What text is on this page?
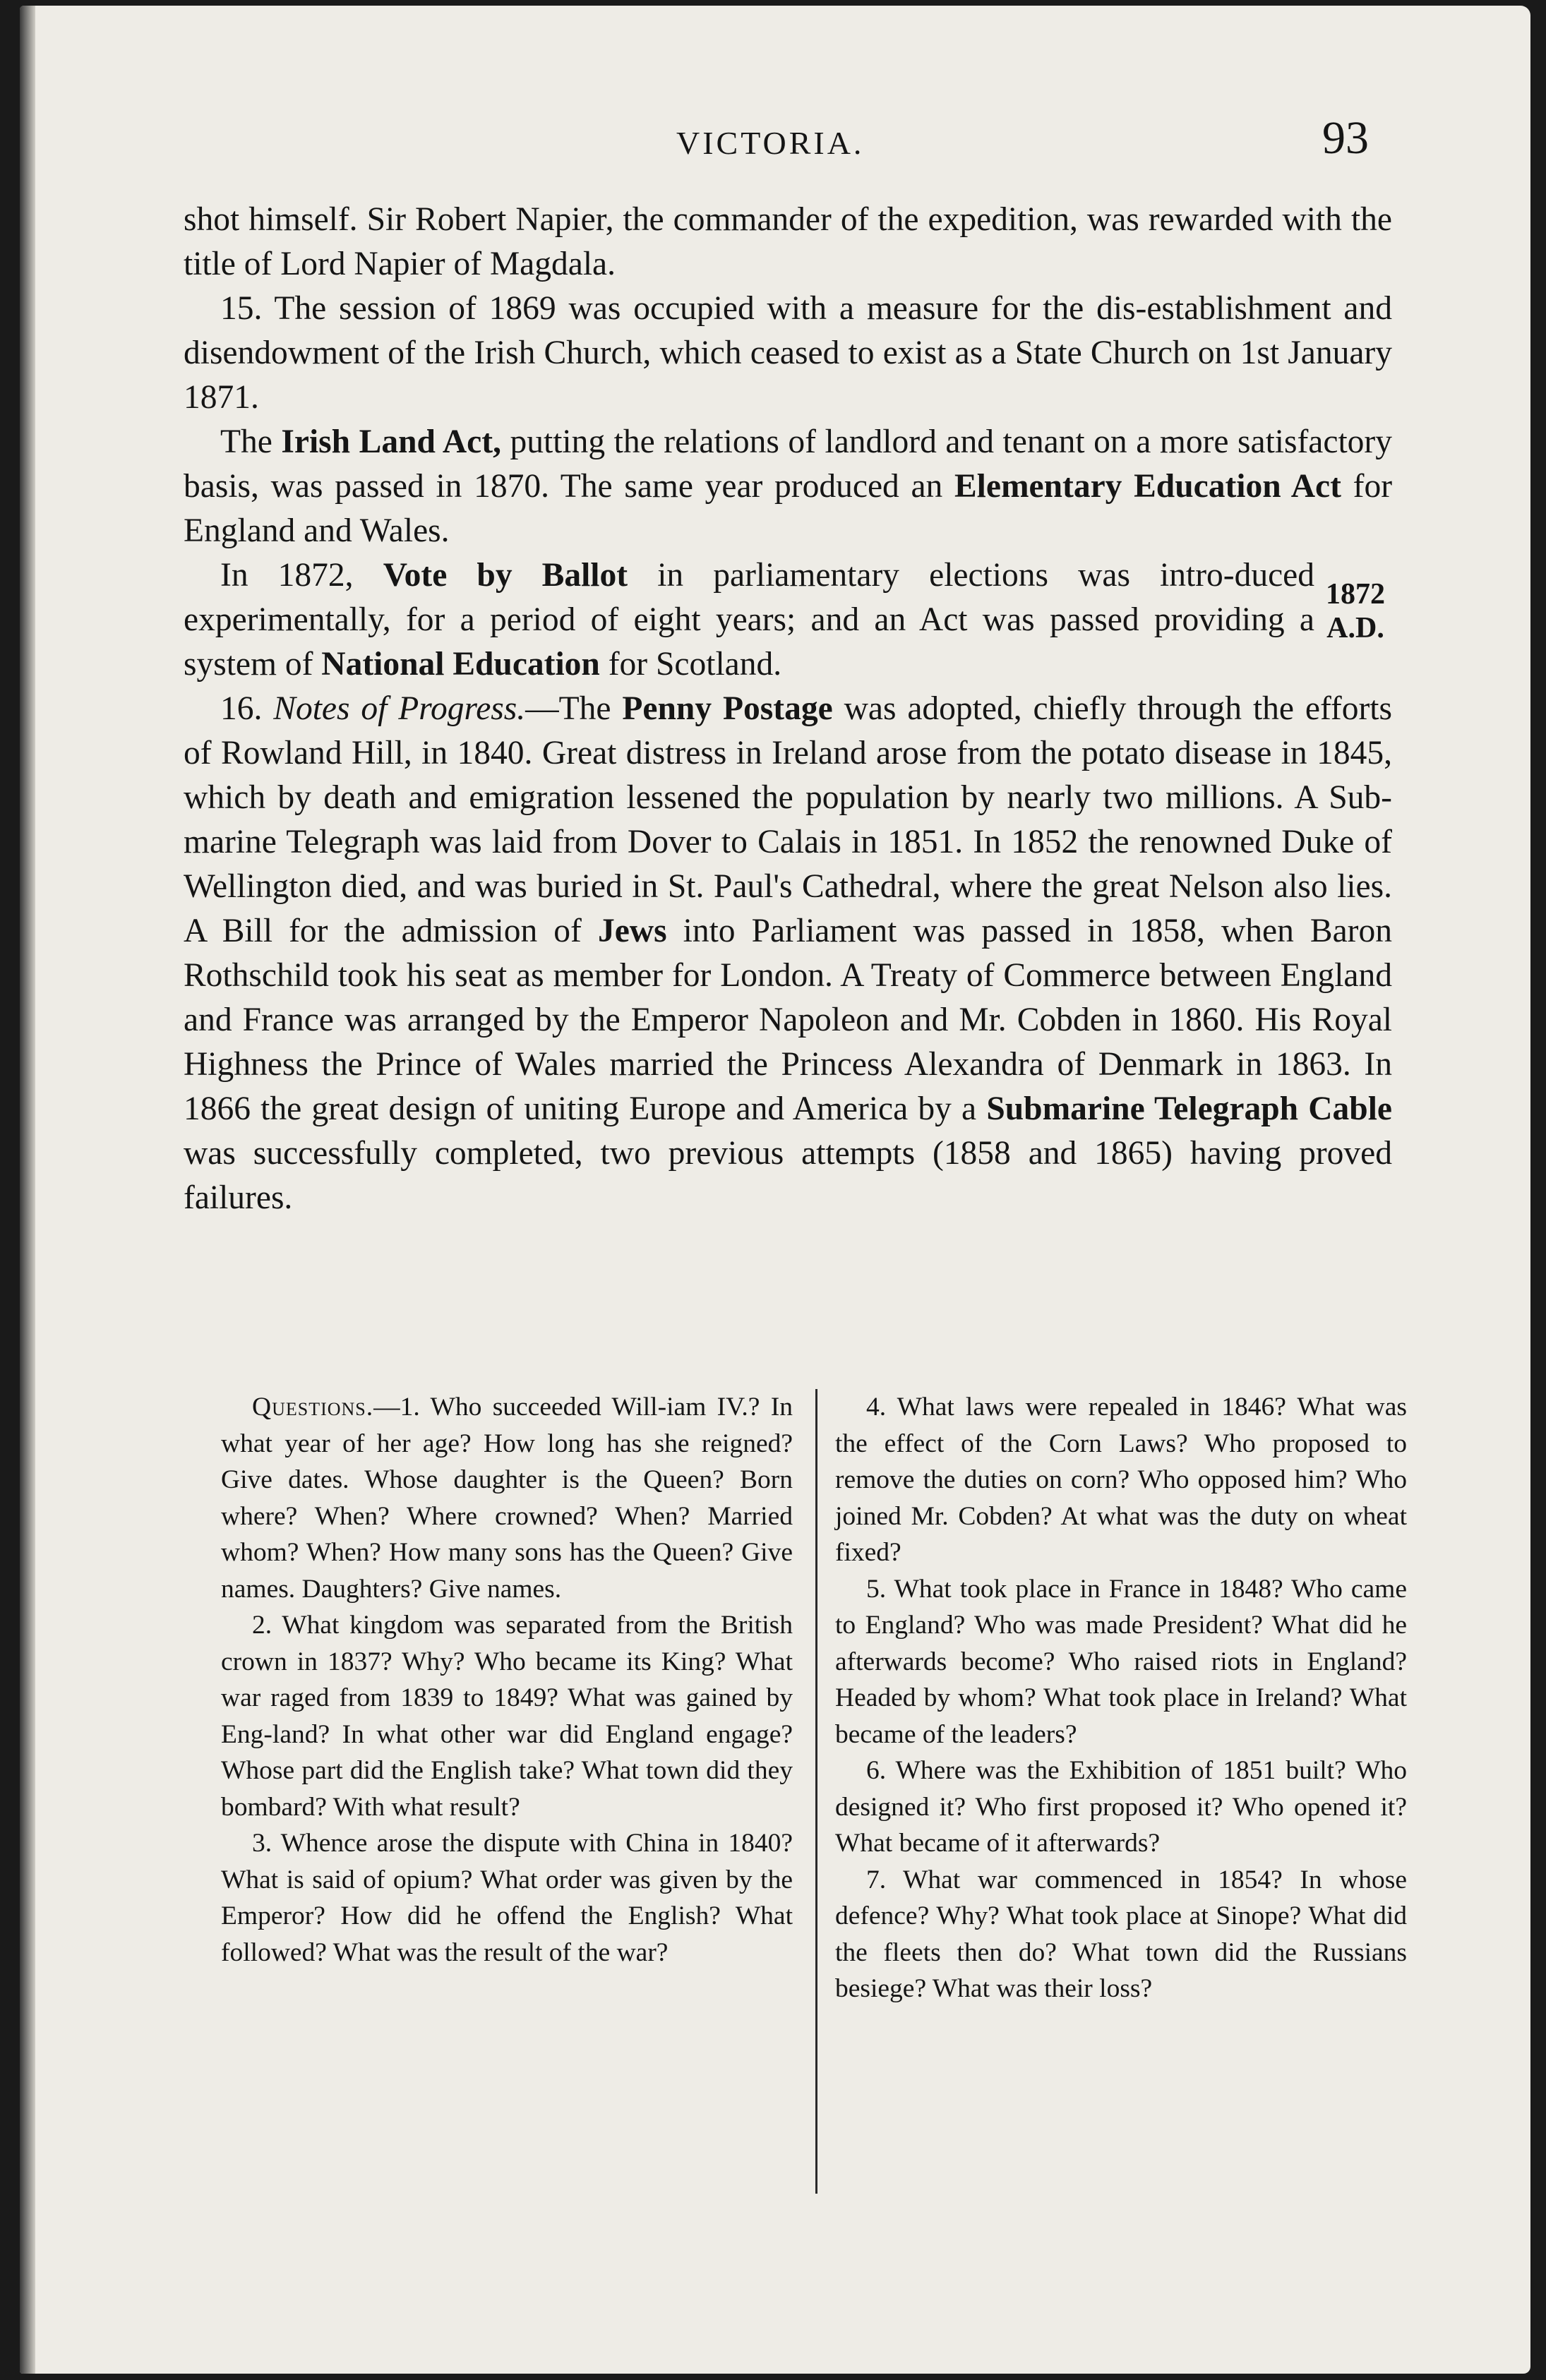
VICTORIA.	93

shot himself. Sir Robert Napier, the commander of the expedition, was rewarded with the title of Lord Napier of Magdala.

15. The session of 1869 was occupied with a measure for the dis-establishment and disendowment of the Irish Church, which ceased to exist as a State Church on 1st January 1871.

The Irish Land Act, putting the relations of landlord and tenant on a more satisfactory basis, was passed in 1870. The same year produced an Elementary Education Act for England and Wales.

In 1872, Vote by Ballot in parliamentary elections was intro-duced experimentally, for a period of eight years; and an Act was passed providing a system of National Education for Scotland.

16. Notes of Progress.—The Penny Postage was adopted, chiefly through the efforts of Rowland Hill, in 1840. Great distress in Ireland arose from the potato disease in 1845, which by death and emigration lessened the population by nearly two millions. A Sub-marine Telegraph was laid from Dover to Calais in 1851. In 1852 the renowned Duke of Wellington died, and was buried in St. Paul's Cathedral, where the great Nelson also lies. A Bill for the admission of Jews into Parliament was passed in 1858, when Baron Rothschild took his seat as member for London. A Treaty of Commerce between England and France was arranged by the Emperor Napoleon and Mr. Cobden in 1860. His Royal Highness the Prince of Wales married the Princess Alexandra of Denmark in 1863. In 1866 the great design of uniting Europe and America by a Submarine Telegraph Cable was successfully completed, two previous attempts (1858 and 1865) having proved failures.

1872
A.D.

Questions.—1. Who succeeded Will-iam IV.? In what year of her age? How long has she reigned? Give dates. Whose daughter is the Queen? Born where? When? Where crowned? When? Married whom? When? How many sons has the Queen? Give names. Daughters? Give names.

2. What kingdom was separated from the British crown in 1837? Why? Who became its King? What war raged from 1839 to 1849? What was gained by Eng-land? In what other war did England engage? Whose part did the English take? What town did they bombard? With what result?

3. Whence arose the dispute with China in 1840? What is said of opium? What order was given by the Emperor? How did he offend the English? What followed? What was the result of the war?

4. What laws were repealed in 1846? What was the effect of the Corn Laws? Who proposed to remove the duties on corn? Who opposed him? Who joined Mr. Cobden? At what was the duty on wheat fixed?

5. What took place in France in 1848? Who came to England? Who was made President? What did he afterwards become? Who raised riots in England? Headed by whom? What took place in Ireland? What became of the leaders?

6. Where was the Exhibition of 1851 built? Who designed it? Who first proposed it? Who opened it? What became of it afterwards?

7. What war commenced in 1854? In whose defence? Why? What took place at Sinope? What did the fleets then do? What town did the Russians besiege? What was their loss?
